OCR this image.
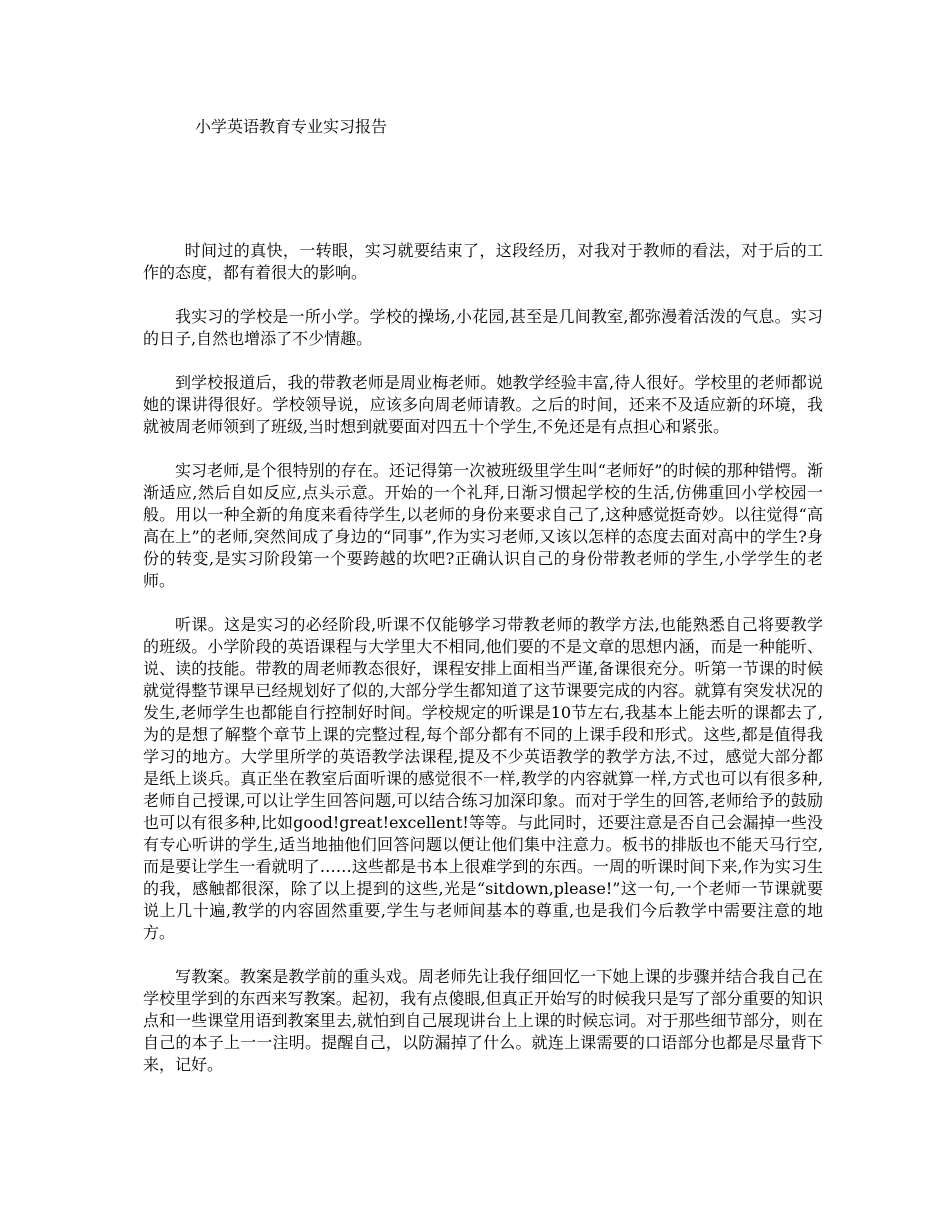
小学英语教育专业实习报告

时间过的真快，一转眼，实习就要结束了，这段经历，对我对于教师的看法，对于后的工作的态度，都有着很大的影响。

我实习的学校是一所小学。学校的操场,小花园,甚至是几间教室,都弥漫着活泼的气息。实习的日子,自然也增添了不少情趣。

到学校报道后，我的带教老师是周业梅老师。她教学经验丰富,待人很好。学校里的老师都说她的课讲得很好。学校领导说，应该多向周老师请教。之后的时间，还来不及适应新的环境，我就被周老师领到了班级,当时想到就要面对四五十个学生,不免还是有点担心和紧张。

实习老师,是个很特别的存在。还记得第一次被班级里学生叫“老师好”的时候的那种错愕。渐渐适应,然后自如反应,点头示意。开始的一个礼拜,日渐习惯起学校的生活,仿佛重回小学校园一般。用以一种全新的角度来看待学生,以老师的身份来要求自己了,这种感觉挺奇妙。以往觉得“高高在上”的老师,突然间成了身边的“同事”,作为实习老师,又该以怎样的态度去面对高中的学生?身份的转变,是实习阶段第一个要跨越的坎吧?正确认识自己的身份带教老师的学生,小学学生的老师。

听课。这是实习的必经阶段,听课不仅能够学习带教老师的教学方法,也能熟悉自己将要教学的班级。小学阶段的英语课程与大学里大不相同,他们要的不是文章的思想内涵，而是一种能听、说、读的技能。带教的周老师教态很好，课程安排上面相当严谨,备课很充分。听第一节课的时候就觉得整节课早已经规划好了似的,大部分学生都知道了这节课要完成的内容。就算有突发状况的发生,老师学生也都能自行控制好时间。学校规定的听课是10节左右,我基本上能去听的课都去了,为的是想了解整个章节上课的完整过程,每个部分都有不同的上课手段和形式。这些,都是值得我学习的地方。大学里所学的英语教学法课程,提及不少英语教学的教学方法,不过，感觉大部分都是纸上谈兵。真正坐在教室后面听课的感觉很不一样,教学的内容就算一样,方式也可以有很多种,老师自己授课,可以让学生回答问题,可以结合练习加深印象。而对于学生的回答,老师给予的鼓励也可以有很多种,比如good!great!excellent!等等。与此同时，还要注意是否自己会漏掉一些没有专心听讲的学生,适当地抽他们回答问题以便让他们集中注意力。板书的排版也不能天马行空,而是要让学生一看就明了……这些都是书本上很难学到的东西。一周的听课时间下来,作为实习生的我，感触都很深，除了以上提到的这些,光是“sitdown,please!”这一句,一个老师一节课就要说上几十遍,教学的内容固然重要,学生与老师间基本的尊重,也是我们今后教学中需要注意的地方。

写教案。教案是教学前的重头戏。周老师先让我仔细回忆一下她上课的步骤并结合我自己在学校里学到的东西来写教案。起初，我有点傻眼,但真正开始写的时候我只是写了部分重要的知识点和一些课堂用语到教案里去,就怕到自己展现讲台上上课的时候忘词。对于那些细节部分，则在自己的本子上一一注明。提醒自己，以防漏掉了什么。就连上课需要的口语部分也都是尽量背下来，记好。
